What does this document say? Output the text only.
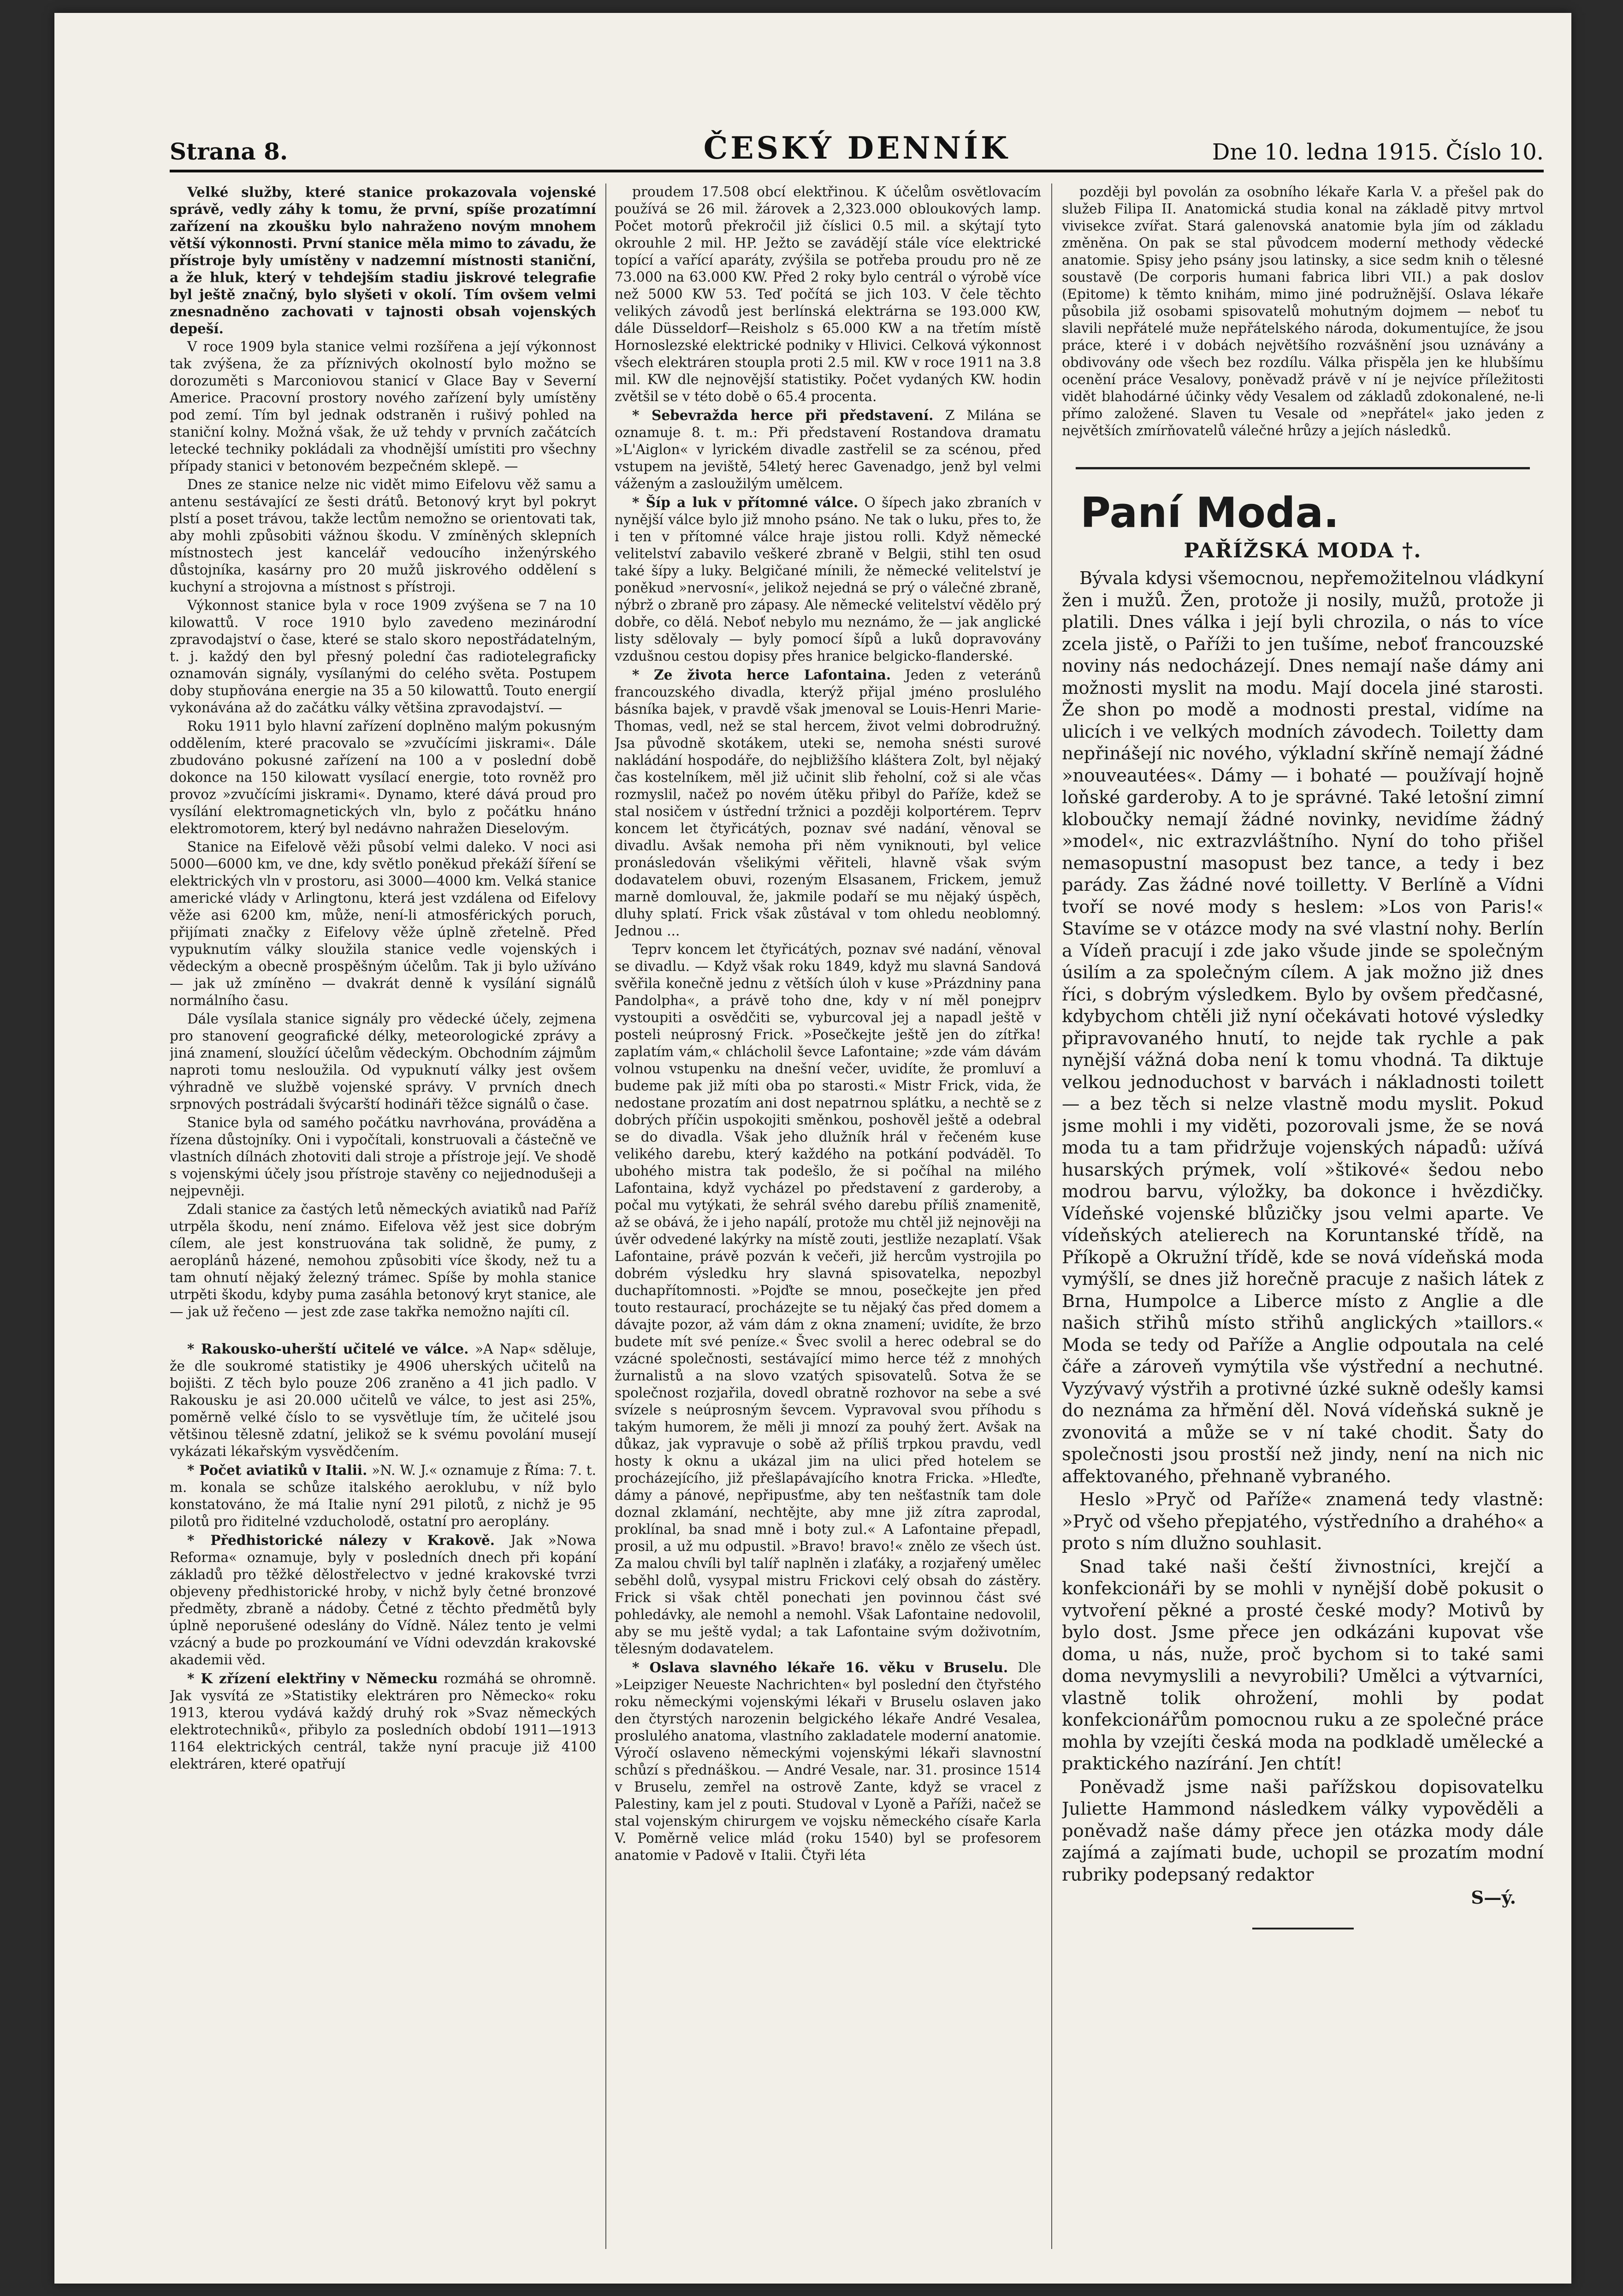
Strana 8.	ČESKÝ DENNÍK	Dne 10. ledna 1915. Číslo 10.

Velké služby, které stanice prokazovala vojenské správě, vedly záhy k tomu, že první, spíše prozatímní zařízení na zkoušku bylo nahraženo novým mnohem větší výkonnosti. První stanice měla mimo to závadu, že přístroje byly umístěny v nadzemní místnosti staniční, a že hluk, který v tehdejším stadiu jiskrové telegrafie byl ještě značný, bylo slyšeti v okolí. Tím ovšem velmi znesnadněno zachovati v tajnosti obsah vojenských depeší.

V roce 1909 byla stanice velmi rozšířena a její výkonnost tak zvýšena, že za příznivých okolností bylo možno se dorozuměti s Marconiovou stanicí v Glace Bay v Severní Americe. Pracovní prostory nového zařízení byly umístěny pod zemí. Tím byl jednak odstraněn i rušivý pohled na staniční kolny. Možná však, že už tehdy v prvních začátcích letecké techniky pokládali za vhodnější umístiti pro všechny případy stanici v betonovém bezpečném sklepě. —

Dnes ze stanice nelze nic vidět mimo Eifelovu věž samu a antenu sestávající ze šesti drátů. Betonový kryt byl pokryt plstí a poset trávou, takže lectům nemožno se orientovati tak, aby mohli způsobiti vážnou škodu. V zmíněných sklepních místnostech jest kancelář vedoucího inženýrského důstojníka, kasárny pro 20 mužů jiskrového oddělení s kuchyní a strojovna a místnost s přístroji.

Výkonnost stanice byla v roce 1909 zvýšena se 7 na 10 kilowattů. V roce 1910 bylo zavedeno mezinárodní zpravodajství o čase, které se stalo skoro nepostřádatelným, t. j. každý den byl přesný polední čas radiotelegraficky oznamován signály, vysílanými do celého světa. Postupem doby stupňována energie na 35 a 50 kilowattů. Touto energií vykonávána až do začátku války většina zpravodajství. —

Roku 1911 bylo hlavní zařízení doplněno malým pokusným oddělením, které pracovalo se »zvučícími jiskrami«. Dále zbudováno pokusné zařízení na 100 a v poslední době dokonce na 150 kilowatt vysílací energie, toto rovněž pro provoz »zvučícími jiskrami«. Dynamo, které dává proud pro vysílání elektromagnetických vln, bylo z počátku hnáno elektromotorem, který byl nedávno nahražen Dieselovým.

Stanice na Eifelově věži působí velmi daleko. V noci asi 5000—6000 km, ve dne, kdy světlo poněkud překáží šíření se elektrických vln v prostoru, asi 3000—4000 km. Velká stanice americké vlády v Arlingtonu, která jest vzdálena od Eifelovy věže asi 6200 km, může, není-li atmosférických poruch, přijímati značky z Eifelovy věže úplně zřetelně. Před vypuknutím války sloužila stanice vedle vojenských i vědeckým a obecně prospěšným účelům. Tak ji bylo užíváno — jak už zmíněno — dvakrát denně k vysílání signálů normálního času.

Dále vysílala stanice signály pro vědecké účely, zejmena pro stanovení geografické délky, meteorologické zprávy a jiná znamení, sloužící účelům vědeckým. Obchodním zájmům naproti tomu nesloužila. Od vypuknutí války jest ovšem výhradně ve službě vojenské správy. V prvních dnech srpnových postrádali švýcarští hodináři těžce signálů o čase.

Stanice byla od samého počátku navrhována, prováděna a řízena důstojníky. Oni i vypočítali, konstruovali a částečně ve vlastních dílnách zhotoviti dali stroje a přístroje její. Ve shodě s vojenskými účely jsou přístroje stavěny co nejjednodušeji a nejpevněji.

Zdali stanice za častých letů německých aviatiků nad Paříž utrpěla škodu, není známo. Eifelova věž jest sice dobrým cílem, ale jest konstruována tak solidně, že pumy, z aeroplánů házené, nemohou způsobiti více škody, než tu a tam ohnutí nějaký železný trámec. Spíše by mohla stanice utrpěti škodu, kdyby puma zasáhla betonový kryt stanice, ale — jak už řečeno — jest zde zase takřka nemožno najíti cíl.

* Rakousko-uherští učitelé ve válce. »A Nap« sděluje, že dle soukromé statistiky je 4906 uherských učitelů na bojišti. Z těch bylo pouze 206 zraněno a 41 jich padlo. V Rakousku je asi 20.000 učitelů ve válce, to jest asi 25%, poměrně velké číslo to se vysvětluje tím, že učitelé jsou většinou tělesně zdatní, jelikož se k svému povolání musejí vykázati lékařským vysvědčením.

* Počet aviatiků v Italii. »N. W. J.« oznamuje z Říma: 7. t. m. konala se schůze italského aeroklubu, v níž bylo konstatováno, že má Italie nyní 291 pilotů, z nichž je 95 pilotů pro řiditelné vzducholodě, ostatní pro aeroplány.

* Předhistorické nálezy v Krakově. Jak »Nowa Reforma« oznamuje, byly v posledních dnech při kopání základů pro těžké dělostřelectvo v jedné krakovské tvrzi objeveny předhistorické hroby, v nichž byly četné bronzové předměty, zbraně a nádoby. Četné z těchto předmětů byly úplně neporušené odeslány do Vídně. Nález tento je velmi vzácný a bude po prozkoumání ve Vídni odevzdán krakovské akademii věd.

* K zřízení elektřiny v Německu rozmáhá se ohromně. Jak vysvítá ze »Statistiky elektráren pro Německo« roku 1913, kterou vydává každý druhý rok »Svaz německých elektrotechniků«, přibylo za posledních období 1911—1913 1164 elektrických centrál, takže nyní pracuje již 4100 elektráren, které opatřují

proudem 17.508 obcí elektřinou. K účelům osvětlovacím používá se 26 mil. žárovek a 2,323.000 obloukových lamp. Počet motorů překročil již číslici 0.5 mil. a skýtají tyto okrouhle 2 mil. HP. Ježto se zavádějí stále více elektrické topící a vařící aparáty, zvýšila se potřeba proudu pro ně ze 73.000 na 63.000 KW. Před 2 roky bylo centrál o výrobě více než 5000 KW 53. Teď počítá se jich 103. V čele těchto velikých závodů jest berlínská elektrárna se 193.000 KW, dále Düsseldorf—Reisholz s 65.000 KW a na třetím místě Hornoslezské elektrické podniky v Hlivici. Celková výkonnost všech elektráren stoupla proti 2.5 mil. KW v roce 1911 na 3.8 mil. KW dle nejnovější statistiky. Počet vydaných KW. hodin zvětšil se v této době o 65.4 procenta.

* Sebevražda herce při představení. Z Milána se oznamuje 8. t. m.: Při představení Rostandova dramatu »L'Aiglon« v lyrickém divadle zastřelil se za scénou, před vstupem na jeviště, 54letý herec Gavenadgo, jenž byl velmi váženým a zasloužilým umělcem.

* Šíp a luk v přítomné válce. O šípech jako zbraních v nynější válce bylo již mnoho psáno. Ne tak o luku, přes to, že i ten v přítomné válce hraje jistou rolli. Když německé velitelství zabavilo veškeré zbraně v Belgii, stihl ten osud také šípy a luky. Belgičané mínili, že německé velitelství je poněkud »nervosní«, jelikož nejedná se prý o válečné zbraně, nýbrž o zbraně pro zápasy. Ale německé velitelství vědělo prý dobře, co dělá. Neboť nebylo mu neznámo, že — jak anglické listy sdělovaly — byly pomocí šípů a luků dopravovány vzdušnou cestou dopisy přes hranice belgicko-flanderské.

* Ze života herce Lafontaina. Jeden z veteránů francouzského divadla, kterýž přijal jméno proslulého básníka bajek, v pravdě však jmenoval se Louis-Henri Marie-Thomas, vedl, než se stal hercem, život velmi dobrodružný. Jsa původně skotákem, uteki se, nemoha snésti surové nakládání hospodáře, do nejbližšího kláštera Zolt, byl nějaký čas kostelníkem, měl již učinit slib řeholní, což si ale včas rozmyslil, načež po novém útěku přibyl do Paříže, kdež se stal nosičem v ústřední tržnici a později kolportérem. Teprv koncem let čtyřicátých, poznav své nadání, věnoval se divadlu. Avšak nemoha při něm vyniknouti, byl velice pronásledován všelikými věřiteli, hlavně však svým dodavatelem obuvi, rozeným Elsasanem, Frickem, jemuž marně domlouval, že, jakmile podaří se mu nějaký úspěch, dluhy splatí. Frick však zůstával v tom ohledu neoblomný. Jednou ...

Teprv koncem let čtyřicátých, poznav své nadání, věnoval se divadlu. — Když však roku 1849, když mu slavná Sandová svěřila konečně jednu z větších úloh v kuse »Prázdniny pana Pandolpha«, a právě toho dne, kdy v ní měl ponejprv vystoupiti a osvědčiti se, vyburcoval jej a napadl ještě v posteli neúprosný Frick. »Posečkejte ještě jen do zítřka! zaplatím vám,« chlácholil ševce Lafontaine; »zde vám dávám volnou vstupenku na dnešní večer, uvidíte, že promluví a budeme pak již míti oba po starosti.« Mistr Frick, vida, že nedostane prozatím ani dost nepatrnou splátku, a nechtě se z dobrých příčin uspokojiti směnkou, poshověl ještě a odebral se do divadla. Však jeho dlužník hrál v řečeném kuse velikého darebu, který každého na potkání podváděl. To ubohého mistra tak podešlo, že si počíhal na milého Lafontaina, když vycházel po představení z garderoby, a počal mu vytýkati, že sehrál svého darebu příliš znamenitě, až se obává, že i jeho napálí, protože mu chtěl již nejnověji na úvěr odvedené lakýrky na místě zouti, jestliže nezaplatí. Však Lafontaine, právě pozván k večeři, již hercům vystrojila po dobrém výsledku hry slavná spisovatelka, nepozbyl duchapřítomnosti. »Pojďte se mnou, posečkejte jen před touto restaurací, procházejte se tu nějaký čas před domem a dávajte pozor, až vám dám z okna znamení; uvidíte, že brzo budete mít své peníze.« Švec svolil a herec odebral se do vzácné společnosti, sestávající mimo herce též z mnohých žurnalistů a na slovo vzatých spisovatelů. Sotva že se společnost rozjařila, dovedl obratně rozhovor na sebe a své svízele s neúprosným ševcem. Vypravoval svou příhodu s takým humorem, že měli ji mnozí za pouhý žert. Avšak na důkaz, jak vypravuje o sobě až příliš trpkou pravdu, vedl hosty k oknu a ukázal jim na ulici před hotelem se procházejícího, již přešlapávajícího knotra Fricka. »Hleďte, dámy a pánové, nepřipusťme, aby ten nešťastník tam dole doznal zklamání, nechtějte, aby mne již zítra zaprodal, proklínal, ba snad mně i boty zul.« A Lafontaine přepadl, prosil, a už mu odpustil. »Bravo! bravo!« znělo ze všech úst. Za malou chvíli byl talíř naplněn i zlaťáky, a rozjařený umělec seběhl dolů, vysypal mistru Frickovi celý obsah do zástěry. Frick si však chtěl ponechati jen povinnou část své pohledávky, ale nemohl a nemohl. Však Lafontaine nedovolil, aby se mu ještě vydal; a tak Lafontaine svým doživotním, tělesným dodavatelem.

* Oslava slavného lékaře 16. věku v Bruselu. Dle »Leipziger Neueste Nachrichten« byl poslední den čtyřstého roku německými vojenskými lékaři v Bruselu oslaven jako den čtyrstých narozenin belgického lékaře André Vesalea, proslulého anatoma, vlastního zakladatele moderní anatomie. Výročí oslaveno německými vojenskými lékaři slavnostní schůzí s přednáškou. — André Vesale, nar. 31. prosince 1514 v Bruselu, zemřel na ostrově Zante, když se vracel z Palestiny, kam jel z pouti. Studoval v Lyoně a Paříži, načež se stal vojenským chirurgem ve vojsku německého císaře Karla V. Poměrně velice mlád (roku 1540) byl se profesorem anatomie v Padově v Italii. Čtyři léta

později byl povolán za osobního lékaře Karla V. a přešel pak do služeb Filipa II. Anatomická studia konal na základě pitvy mrtvol vivisekce zvířat. Stará galenovská anatomie byla jím od základu změněna. On pak se stal původcem moderní methody vědecké anatomie. Spisy jeho psány jsou latinsky, a sice sedm knih o tělesné soustavě (De corporis humani fabrica libri VII.) a pak doslov (Epitome) k těmto knihám, mimo jiné podružnější. Oslava lékaře působila již osobami spisovatelů mohutným dojmem — neboť tu slavili nepřátelé muže nepřátelského národa, dokumentujíce, že jsou práce, které i v dobách největšího rozvášnění jsou uznávány a obdivovány ode všech bez rozdílu. Válka přispěla jen ke hlubšímu ocenění práce Vesalovy, poněvadž právě v ní je nejvíce příležitosti vidět blahodárné účinky vědy Vesalem od základů zdokonalené, ne-li přímo založené. Slaven tu Vesale od »nepřátel« jako jeden z největších zmírňovatelů válečné hrůzy a jejích následků.

Paní Moda.

PAŘÍŽSKÁ MODA †.

Bývala kdysi všemocnou, nepřemožitelnou vládkyní žen i mužů. Žen, protože ji nosily, mužů, protože ji platili. Dnes válka i její byli chrozila, o nás to více zcela jistě, o Paříži to jen tušíme, neboť francouzské noviny nás nedocházejí. Dnes nemají naše dámy ani možnosti myslit na modu. Mají docela jiné starosti. Že shon po modě a modnosti prestal, vidíme na ulicích i ve velkých modních závodech. Toiletty dam nepřinášejí nic nového, výkladní skříně nemají žádné »nouveautées«. Dámy — i bohaté — používají hojně loňské garderoby. A to je správné. Také letošní zimní kloboučky nemají žádné novinky, nevidíme žádný »model«, nic extrazvláštního. Nyní do toho přišel nemasopustní masopust bez tance, a tedy i bez parády. Zas žádné nové toilletty. V Berlíně a Vídni tvoří se nové mody s heslem: »Los von Paris!« Stavíme se v otázce mody na své vlastní nohy. Berlín a Vídeň pracují i zde jako všude jinde se společným úsilím a za společným cílem. A jak možno již dnes říci, s dobrým výsledkem. Bylo by ovšem předčasné, kdybychom chtěli již nyní očekávati hotové výsledky připravovaného hnutí, to nejde tak rychle a pak nynější vážná doba není k tomu vhodná. Ta diktuje velkou jednoduchost v barvách i nákladnosti toilett — a bez těch si nelze vlastně modu myslit. Pokud jsme mohli i my viděti, pozorovali jsme, že se nová moda tu a tam přidržuje vojenských nápadů: užívá husarských prýmek, volí »štikové« šedou nebo modrou barvu, výložky, ba dokonce i hvězdičky. Vídeňské vojenské blůzičky jsou velmi aparte. Ve vídeňských atelierech na Koruntanské třídě, na Příkopě a Okružní třídě, kde se nová vídeňská moda vymýšlí, se dnes již horečně pracuje z našich látek z Brna, Humpolce a Liberce místo z Anglie a dle našich střihů místo střihů anglických »taillors.« Moda se tedy od Paříže a Anglie odpoutala na celé čáře a zároveň vymýtila vše výstřední a nechutné. Vyzývavý výstřih a protivné úzké sukně odešly kamsi do neznáma za hřmění děl. Nová vídeňská sukně je zvonovitá a může se v ní také chodit. Šaty do společnosti jsou prostší než jindy, není na nich nic affektovaného, přehnaně vybraného.

Heslo »Pryč od Paříže« znamená tedy vlastně: »Pryč od všeho přepjatého, výstředního a drahého« a proto s ním dlužno souhlasit.

Snad také naši čeští živnostníci, krejčí a konfekcionáři by se mohli v nynější době pokusit o vytvoření pěkné a prosté české mody? Motivů by bylo dost. Jsme přece jen odkázáni kupovat vše doma, u nás, nuže, proč bychom si to také sami doma nevymyslili a nevyrobili? Umělci a výtvarníci, vlastně tolik ohrožení, mohli by podat konfekcionářům pomocnou ruku a ze společné práce mohla by vzejíti česká moda na podkladě umělecké a praktického nazírání. Jen chtít!

Poněvadž jsme naši pařížskou dopisovatelku Juliette Hammond následkem války vypověděli a poněvadž naše dámy přece jen otázka mody dále zajímá a zajímati bude, uchopil se prozatím modní rubriky podepsaný redaktor

S—ý.
